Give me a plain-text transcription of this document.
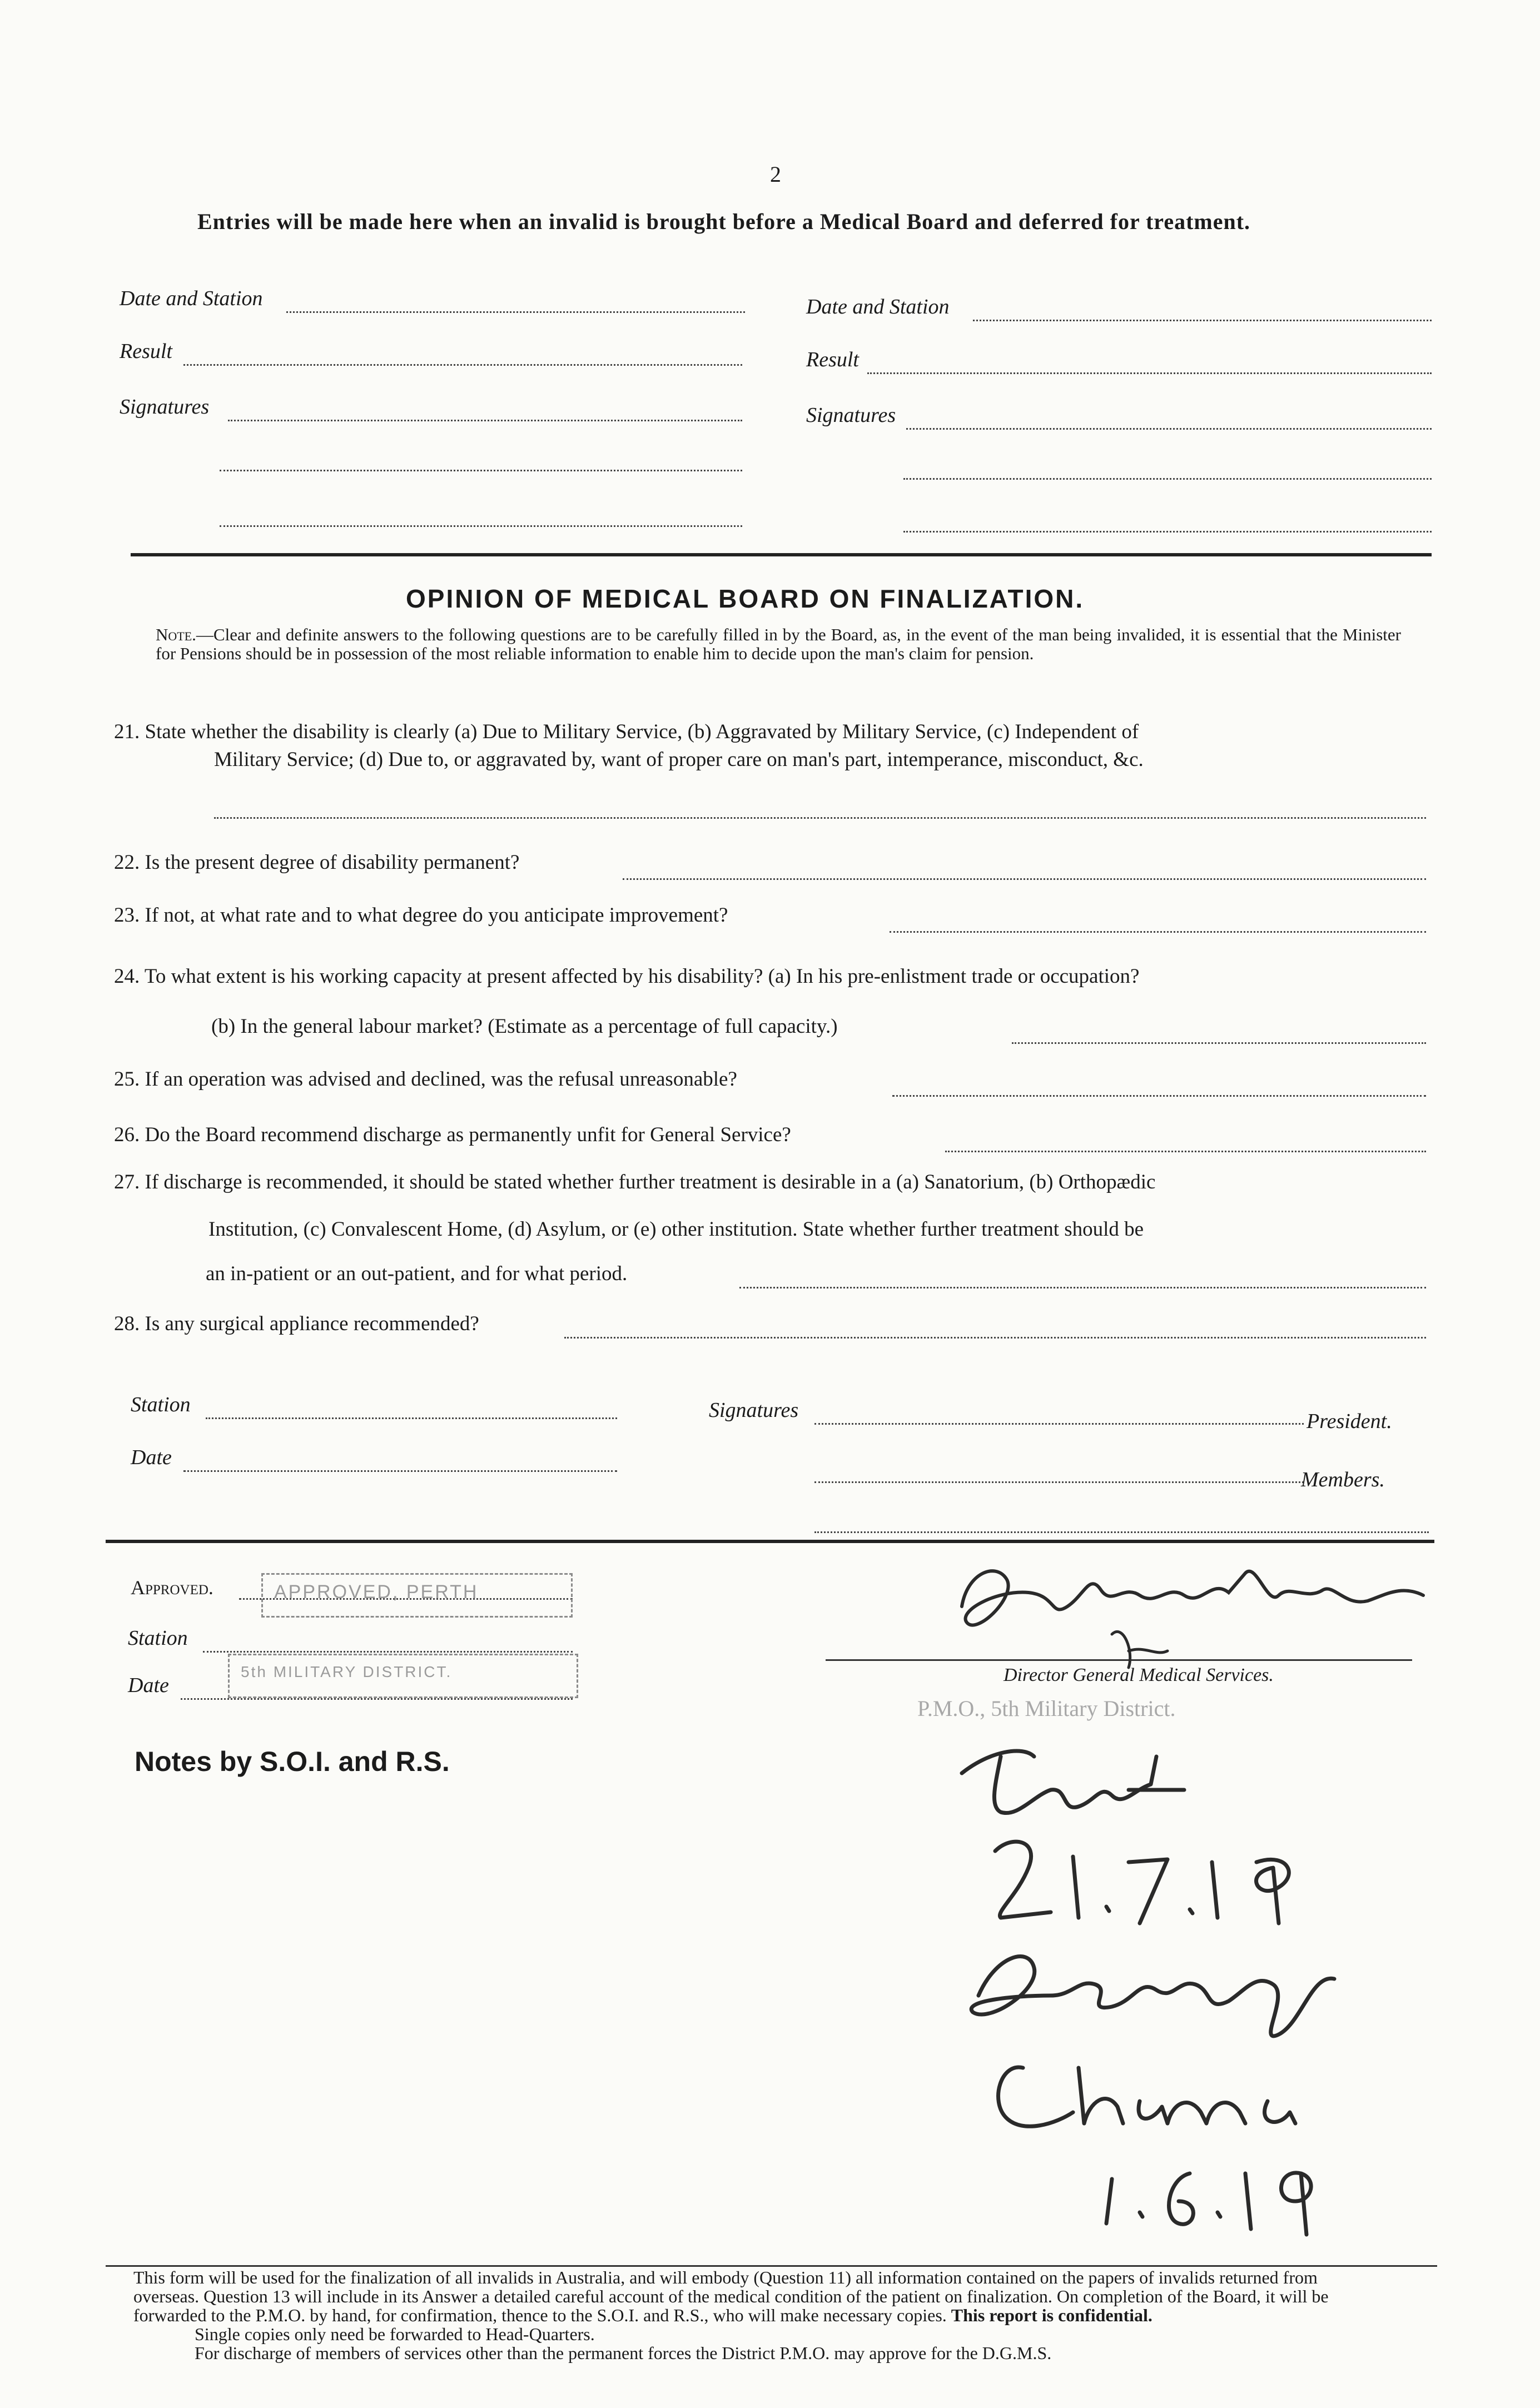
2
Entries will be made here when an invalid is brought before a Medical Board and deferred for treatment.
Date and Station
Result
Signatures
Date and Station
Result
Signatures
OPINION OF MEDICAL BOARD ON FINALIZATION.
Note.—Clear and definite answers to the following questions are to be carefully filled in by the Board, as, in the event of the man being invalided, it is essential that the Minister for Pensions should be in possession of the most reliable information to enable him to decide upon the man's claim for pension.
21. State whether the disability is clearly (a) Due to Military Service, (b) Aggravated by Military Service, (c) Independent of
Military Service; (d) Due to, or aggravated by, want of proper care on man's part, intemperance, misconduct, &c.
22. Is the present degree of disability permanent?
23. If not, at what rate and to what degree do you anticipate improvement?
24. To what extent is his working capacity at present affected by his disability? (a) In his pre-enlistment trade or occupation?
(b) In the general labour market? (Estimate as a percentage of full capacity.)
25. If an operation was advised and declined, was the refusal unreasonable?
26. Do the Board recommend discharge as permanently unfit for General Service?
27. If discharge is recommended, it should be stated whether further treatment is desirable in a (a) Sanatorium, (b) Orthopædic
Institution, (c) Convalescent Home, (d) Asylum, or (e) other institution. State whether further treatment should be
an in-patient or an out-patient, and for what period.
28. Is any surgical appliance recommended?
Station
Date
Signatures	President.
Members.
Approved.
Station
Date
APPROVED, PERTH
5th MILITARY DISTRICT.	Director General Medical Services.
P.M.O., 5th Military District.
Notes by S.O.I. and R.S.

This form will be used for the finalization of all invalids in Australia, and will embody (Question 11) all information contained on the papers of invalids returned from overseas. Question 13 will include in its Answer a detailed careful account of the medical condition of the patient on finalization. On completion of the Board, it will be forwarded to the P.M.O. by hand, for confirmation, thence to the S.O.I. and R.S., who will make necessary copies. This report is confidential.

Single copies only need be forwarded to Head-Quarters.

For discharge of members of services other than the permanent forces the District P.M.O. may approve for the D.G.M.S.
